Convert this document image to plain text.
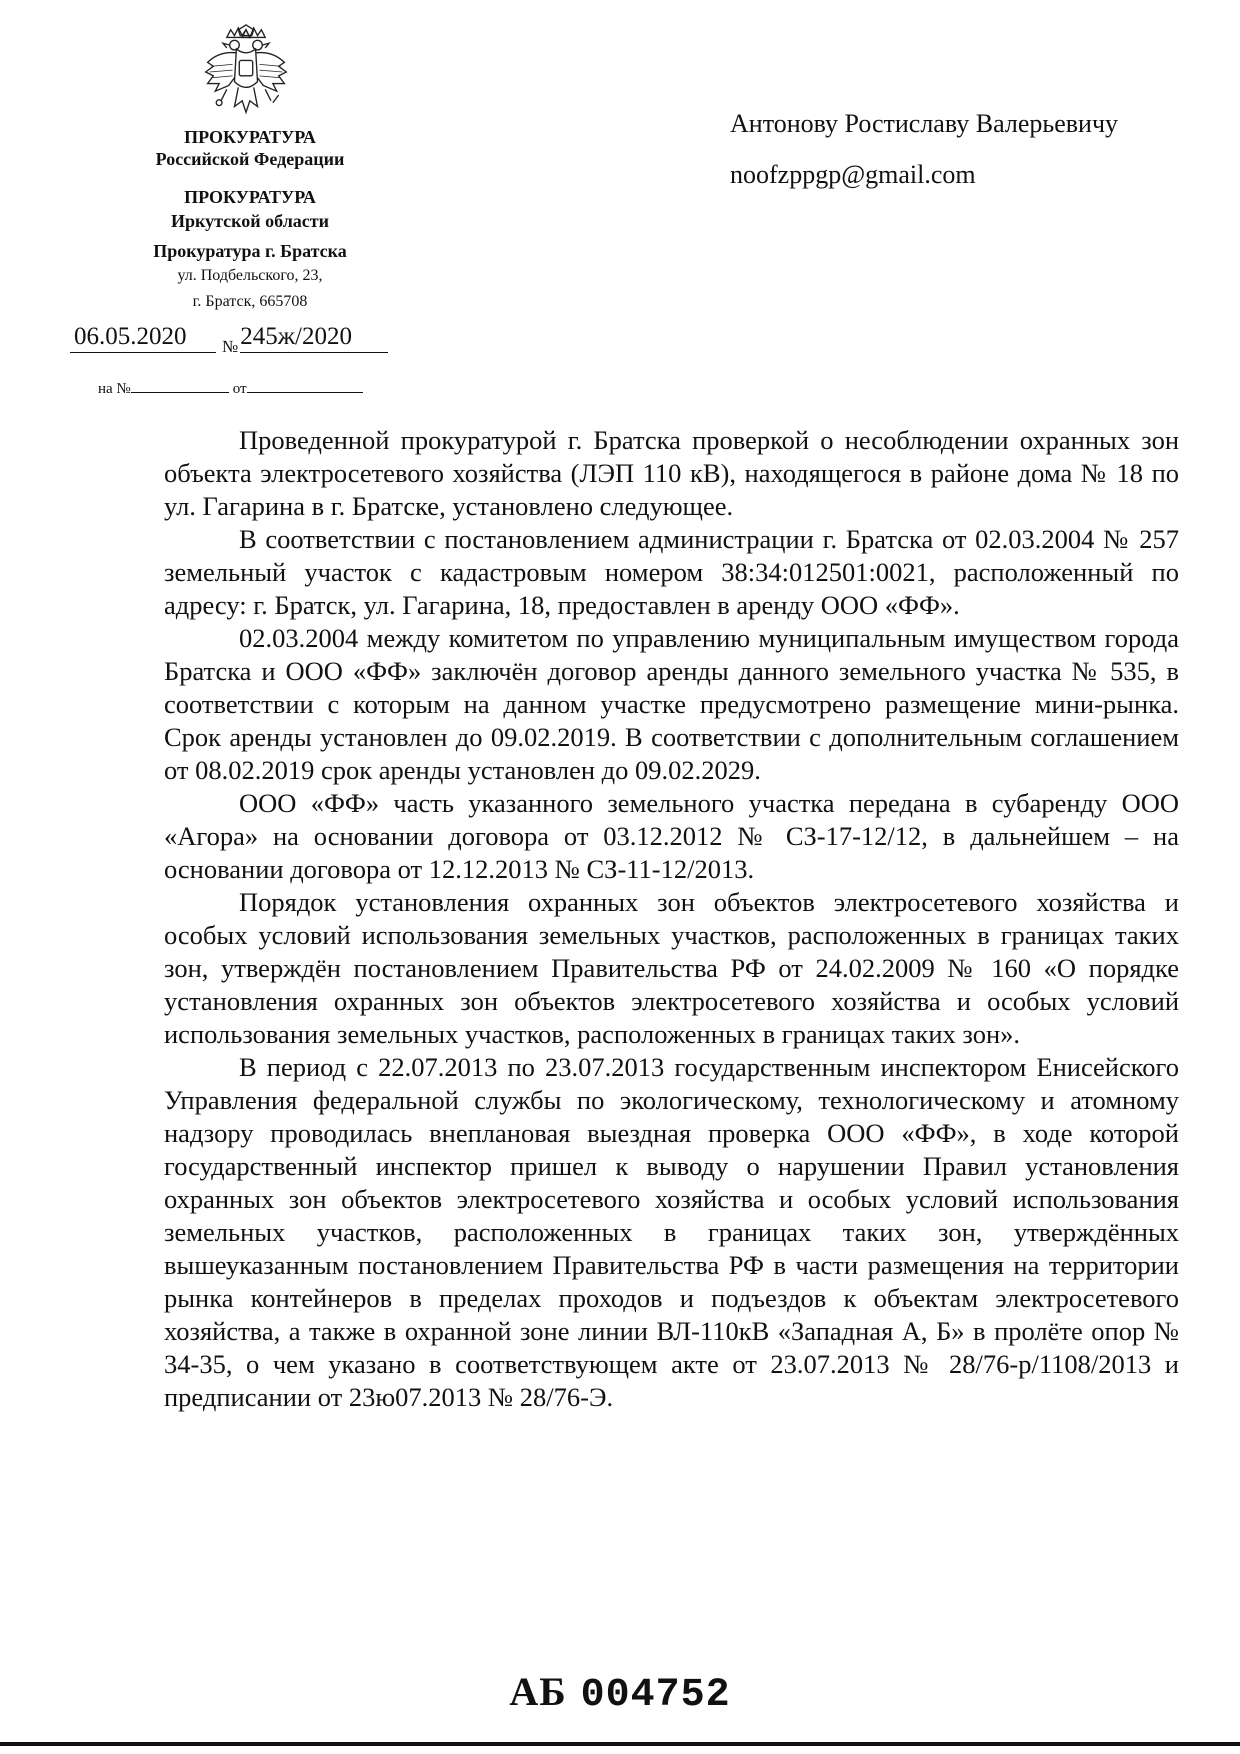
ПРОКУРАТУРА
Российской Федерации
ПРОКУРАТУРА
Иркутской области
Прокуратура г. Братска
ул. Подбельского, 23,
г. Братск, 665708
06.05.2020 $_№$245ж/2020
на №	от
Антонову Ростиславу Валерьевичу
noofzppgp@gmail.com

Проведенной прокуратурой г. Братска проверкой о несоблюдении охранных зон объекта электросетевого хозяйства (ЛЭП 110 кВ), находящегося в районе дома № 18 по ул. Гагарина в г. Братске, установлено следующее.

В соответствии с постановлением администрации г. Братска от 02.03.2004 № 257 земельный участок с кадастровым номером 38:34:012501:0021, расположенный по адресу: г. Братск, ул. Гагарина, 18, предоставлен в аренду ООО «ФФ».

02.03.2004 между комитетом по управлению муниципальным имуществом города Братска и ООО «ФФ» заключён договор аренды данного земельного участка № 535, в соответствии с которым на данном участке предусмотрено размещение мини-рынка. Срок аренды установлен до 09.02.2019. В соответствии с дополнительным соглашением от 08.02.2019 срок аренды установлен до 09.02.2029.

ООО «ФФ» часть указанного земельного участка передана в субаренду ООО «Агора» на основании договора от 03.12.2012 № СЗ-17-12/12, в дальнейшем – на основании договора от 12.12.2013 № СЗ-11-12/2013.

Порядок установления охранных зон объектов электросетевого хозяйства и особых условий использования земельных участков, расположенных в границах таких зон, утверждён постановлением Правительства РФ от 24.02.2009 № 160 «О порядке установления охранных зон объектов электросетевого хозяйства и особых условий использования земельных участков, расположенных в границах таких зон».

В период с 22.07.2013 по 23.07.2013 государственным инспектором Енисейского Управления федеральной службы по экологическому, технологическому и атомному надзору проводилась внеплановая выездная проверка ООО «ФФ», в ходе которой государственный инспектор пришел к выводу о нарушении Правил установления охранных зон объектов электросетевого хозяйства и особых условий использования земельных участков, расположенных в границах таких зон, утверждённых вышеуказанным постановлением Правительства РФ в части размещения на территории рынка контейнеров в пределах проходов и подъездов к объектам электросетевого хозяйства, а также в охранной зоне линии ВЛ-110кВ «Западная А, Б» в пролёте опор № 34-35, о чем указано в соответствующем акте от 23.07.2013 № 28/76-р/1108/2013 и предписании от 23ю07.2013 № 28/76-Э.

АБ 004752
